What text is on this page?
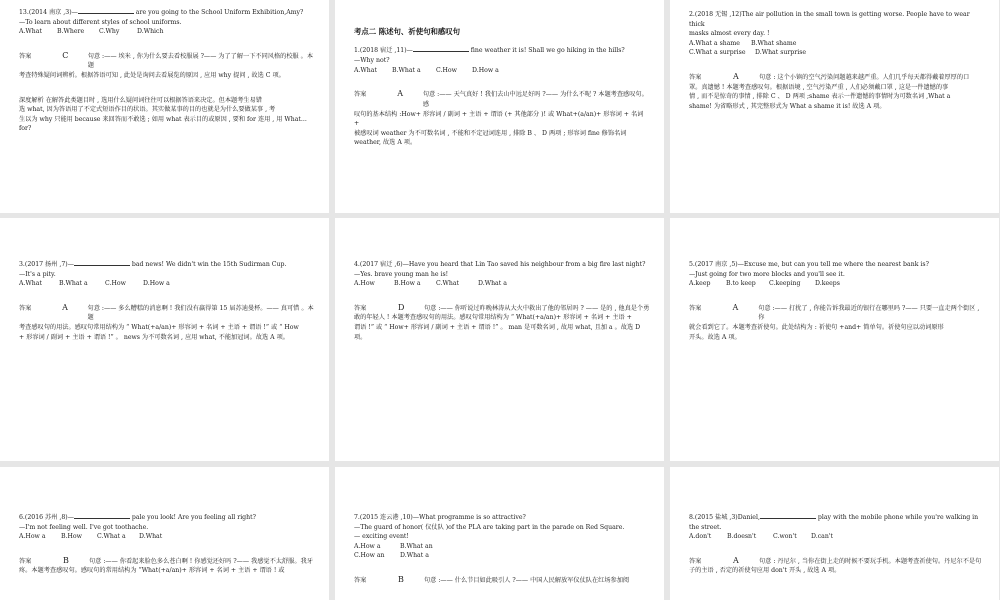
13.(2014 南京 ,3)—	are you going to the School Uniform Exhibition,Amy?

—To learn about different styles of school uniforms.

A.What	B.Where	C.Why	D.Which
答案	C	句意 :—— 埃米 , 你为什么要去看校服展 ?—— 为了了解一下不同风格的校服 。本题

考查特殊疑问词辨析。根据答语可知 , 此处是询问去看展览的原因 , 应用 why 提问 , 故选 C 项。

深度解析 在解答此类题目时 , 选用什么疑问词往往可以根据答语来决定。但本题考生易错

选 what, 因为答语用了不定式短语作目的状语。其实做某事的目的也就是为什么要做某事 , 考

生以为 why 只能用 because 来回答而不敢选 ; 如用 what 表示目的或原因 , 要和 for 连用 , 用 What...

for?

考点二 陈述句、祈使句和感叹句

1.(2018 宿迁 ,11)—	fine weather it is! Shall we go hiking in the hills?

—Why not?

A.What	B.What a	C.How	D.How a
答案	A	句意 :—— 天气真好 ! 我们去山中远足好吗 ?—— 为什么不呢 ? 本题考查感叹句。感

叹句的基本结构 :How+ 形容词 / 副词 + 主语 + 谓语 (+ 其他部分 )! 或 What+(a/an)+ 形容词 + 名词

+

被感叹词 weather 为不可数名词 , 不能和不定冠词连用 , 排除 B 、 D 两项 ; 形容词 fine 修饰名词

weather, 故选 A 项。

2.(2018 无锡 ,12)The air pollution in the small town is getting worse. People have to wear thick

masks almost every day. !

A.What a shame	B.What shame
C.What a surprise	D.What surprise
答案	A	句意 : 这个小镇的空气污染问题越来越严重。人们几乎每天都得戴着厚厚的口

罩。真遗憾 ! 本题考查感叹句。根据语境 , 空气污染严重 , 人们必须戴口罩 , 这是一件遗憾的事

情 , 而不是惊奇的事情 , 排除 C 、 D 两项 ;shame 表示一件遗憾的事情时为可数名词 ,What a

shame! 为省略形式 , 其完整形式为 What a shame it is! 故选 A 项。

3.(2017 扬州 ,7)—	bad news! We didn't win the 15th Sudirman Cup.

—It's a pity.

A.What	B.What a	C.How	D.How a
答案	A	句意 :—— 多么糟糕的消息啊 ! 我们没有赢得第 15 届苏迪曼杯。—— 真可惜 。本题

考查感叹句的用法。感叹句常用结构为 “ What(+a/an)+ 形容词 + 名词 + 主语 + 谓语 !” 或 “ How

+ 形容词 / 副词 + 主语 + 谓语 !” 。 news 为不可数名词 , 应用 what, 不能加冠词。故选 A 项。

4.(2017 宿迁 ,6)—Have you heard that Lin Tao saved his neighbour from a big fire last night?

—Yes. brave young man he is!

A.How	B.How a	C.What	D.What a
答案	D	句意 :—— 你听说过昨晚林涛从大火中救出了他的邻居吗 ? —— 是的 , 他真是个勇

敢的年轻人 ! 本题考查感叹句的用法。感叹句常用结构为 “ What(+a/an)+ 形容词 + 名词 + 主语 +

谓语 !” 或 “ How+ 形容词 / 副词 + 主语 + 谓语 !” 。 man 是可数名词 , 故用 what, 且加 a 。故选 D

项。

5.(2017 南京 ,5)—Excuse me, but can you tell me where the nearest bank is?

—Just going for two more blocks and you'll see it.

A.keep	B.to keep	C.keeping	D.keeps
答案	A	句意 :—— 打扰了 , 你能告诉我最近的银行在哪里吗 ?—— 只要一直走两个街区 , 你

就会看到它了。本题考查祈使句。此处结构为 : 祈使句 +and+ 简单句。祈使句应以动词原形

开头。故选 A 项。

6.(2016 苏州 ,8)—	pale you look! Are you feeling all right?

—I'm not feeling well. I've got toothache.

A.How a	B.How	C.What a	D.What
答案	B	句意 :—— 你看起来脸色多么苍白啊 ! 你感觉还好吗 ?—— 我感觉不太舒服。我牙

疼。本题考查感叹句。感叹句的常用结构为 “What(+a/an)+ 形容词 + 名词 + 主语 + 谓语 ! 或

7.(2015 连云港 ,10)—What programme is so attractive?

—The guard of honor( 仪仗队 )of the PLA are taking part in the parade on Red Square.

— exciting event!

A.How a	B.What an
C.How an	D.What a
答案	B	句意 :—— 什么节目如此吸引人 ?—— 中国人民解放军仪仗队在红场参加阅

8.(2015 盐城 ,3)Daniel,	play with the mobile phone while you're walking in the street.

A.don't	B.doesn't	C.won't	D.can't
答案	A	句意 : 丹尼尔 , 当你在街上走的时候不要玩手机。本题考查祈使句。丹尼尔不是句

子的主语 , 否定的祈使句应用 don't 开头 , 故选 A 项。
